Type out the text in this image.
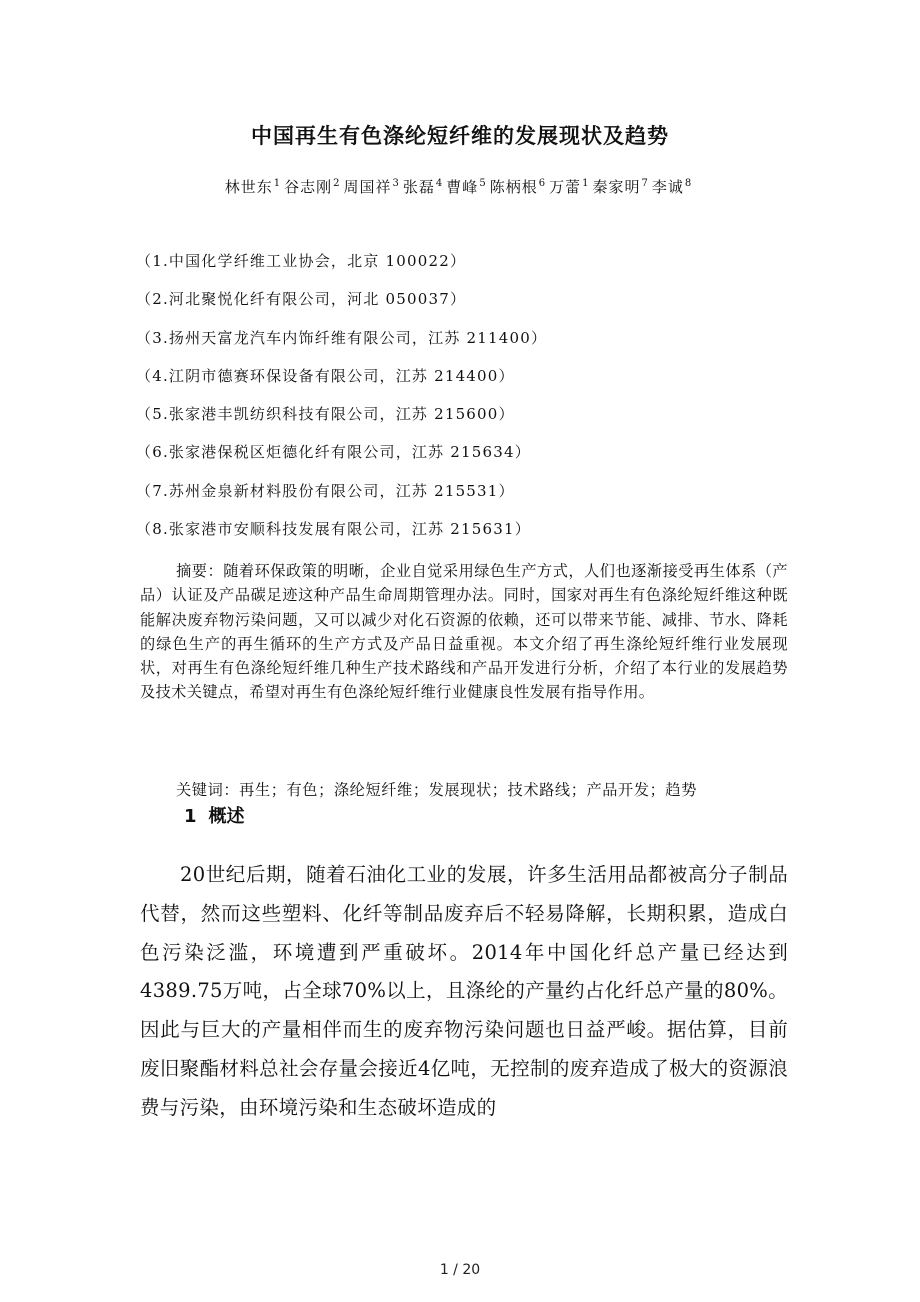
中国再生有色涤纶短纤维的发展现状及趋势
林世东$^1$ 谷志刚$^2$ 周国祥$^3$ 张磊$^4$ 曹峰$^5$ 陈柄根$^6$ 万蕾$^1$ 秦家明$^7$ 李诚$^8$
（1.中国化学纤维工业协会，北京 100022）
（2.河北聚悦化纤有限公司，河北 050037）
（3.扬州天富龙汽车内饰纤维有限公司，江苏 211400）
（4.江阴市德赛环保设备有限公司，江苏 214400）
（5.张家港丰凯纺织科技有限公司，江苏 215600）
（6.张家港保税区炬德化纤有限公司，江苏 215634）
（7.苏州金泉新材料股份有限公司，江苏 215531）
（8.张家港市安顺科技发展有限公司，江苏 215631）
摘要：随着环保政策的明晰，企业自觉采用绿色生产方式，人们也逐渐接受再生体系（产品）认证及产品碳足迹这种产品生命周期管理办法。同时，国家对再生有色涤纶短纤维这种既能解决废弃物污染问题，又可以减少对化石资源的依赖，还可以带来节能、减排、节水、降耗的绿色生产的再生循环的生产方式及产品日益重视。本文介绍了再生涤纶短纤维行业发展现状，对再生有色涤纶短纤维几种生产技术路线和产品开发进行分析，介绍了本行业的发展趋势及技术关键点，希望对再生有色涤纶短纤维行业健康良性发展有指导作用。
关键词：再生；有色；涤纶短纤维；发展现状；技术路线；产品开发；趋势
1 概述
20世纪后期，随着石油化工业的发展，许多生活用品都被高分子制品代替，然而这些塑料、化纤等制品废弃后不轻易降解，长期积累，造成白色污染泛滥，环境遭到严重破坏。2014年中国化纤总产量已经达到4389.75万吨，占全球70%以上，且涤纶的产量约占化纤总产量的80%。因此与巨大的产量相伴而生的废弃物污染问题也日益严峻。据估算，目前废旧聚酯材料总社会存量会接近4亿吨，无控制的废弃造成了极大的资源浪费与污染，由环境污染和生态破坏造成的
1 / 20
